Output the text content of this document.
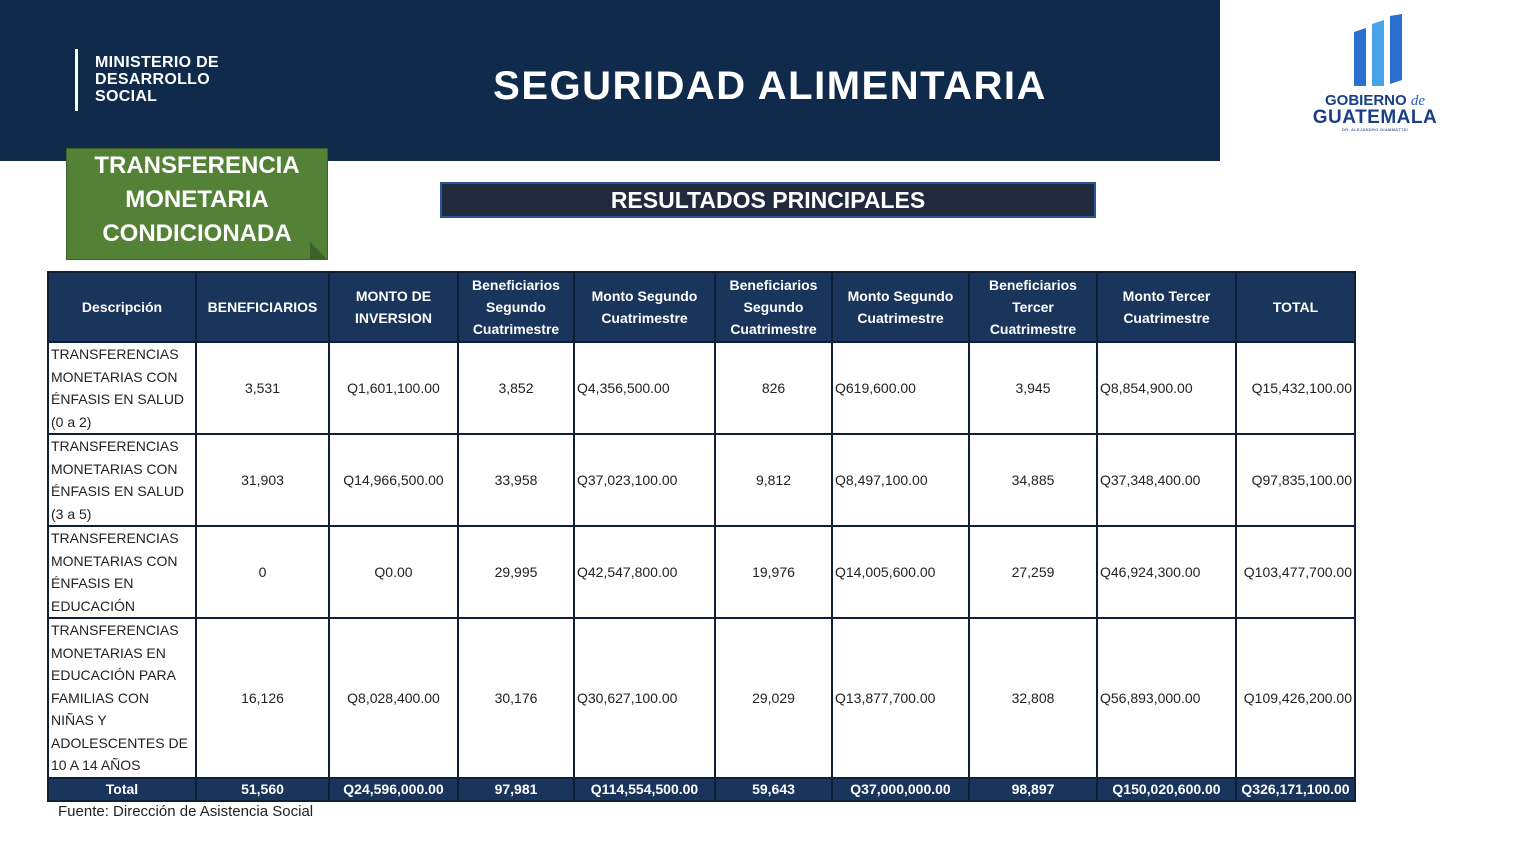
MINISTERIO DE
DESARROLLO
SOCIAL	SEGURIDAD ALIMENTARIA	GOBIERNO de
GUATEMALA
DR. ALEJANDRO GIAMMATTEI
TRANSFERENCIA
MONETARIA
CONDICIONADA
RESULTADOS PRINCIPALES
Descripción	BENEFICIARIOS	MONTO DE INVERSION	Beneficiarios Segundo Cuatrimestre	Monto Segundo Cuatrimestre	Beneficiarios Segundo Cuatrimestre	Monto Segundo Cuatrimestre	Beneficiarios Tercer Cuatrimestre	Monto Tercer Cuatrimestre	TOTAL
TRANSFERENCIAS MONETARIAS CON ÉNFASIS EN SALUD (0 a 2)	3,531	Q1,601,100.00	3,852	Q4,356,500.00	826	Q619,600.00	3,945	Q8,854,900.00	Q15,432,100.00
TRANSFERENCIAS MONETARIAS CON ÉNFASIS EN SALUD (3 a 5)	31,903	Q14,966,500.00	33,958	Q37,023,100.00	9,812	Q8,497,100.00	34,885	Q37,348,400.00	Q97,835,100.00
TRANSFERENCIAS MONETARIAS CON ÉNFASIS EN EDUCACIÓN	0	Q0.00	29,995	Q42,547,800.00	19,976	Q14,005,600.00	27,259	Q46,924,300.00	Q103,477,700.00
TRANSFERENCIAS MONETARIAS EN EDUCACIÓN PARA FAMILIAS CON NIÑAS Y ADOLESCENTES DE 10 A 14 AÑOS	16,126	Q8,028,400.00	30,176	Q30,627,100.00	29,029	Q13,877,700.00	32,808	Q56,893,000.00	Q109,426,200.00
Total	51,560	Q24,596,000.00	97,981	Q114,554,500.00	59,643	Q37,000,000.00	98,897	Q150,020,600.00	Q326,171,100.00
Fuente: Dirección de Asistencia Social
